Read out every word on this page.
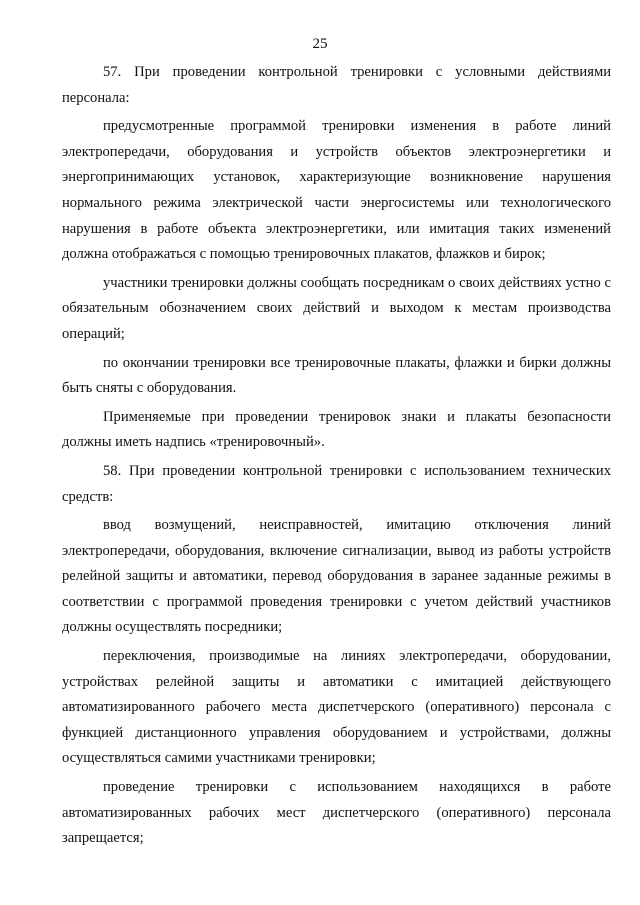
25

57. При проведении контрольной тренировки с условными действиями персонала:

предусмотренные программой тренировки изменения в работе линий электропередачи, оборудования и устройств объектов электроэнергетики и энергопринимающих установок, характеризующие возникновение нарушения нормального режима электрической части энергосистемы или технологического нарушения в работе объекта электроэнергетики, или имитация таких изменений должна отображаться с помощью тренировочных плакатов, флажков и бирок;

участники тренировки должны сообщать посредникам о своих действиях устно с обязательным обозначением своих действий и выходом к местам производства операций;

по окончании тренировки все тренировочные плакаты, флажки и бирки должны быть сняты с оборудования.

Применяемые при проведении тренировок знаки и плакаты безопасности должны иметь надпись «тренировочный».

58. При проведении контрольной тренировки с использованием технических средств:

ввод возмущений, неисправностей, имитацию отключения линий электропередачи, оборудования, включение сигнализации, вывод из работы устройств релейной защиты и автоматики, перевод оборудования в заранее заданные режимы в соответствии с программой проведения тренировки с учетом действий участников должны осуществлять посредники;

переключения, производимые на линиях электропередачи, оборудовании, устройствах релейной защиты и автоматики с имитацией действующего автоматизированного рабочего места диспетчерского (оперативного) персонала с функцией дистанционного управления оборудованием и устройствами, должны осуществляться самими участниками тренировки;

проведение тренировки с использованием находящихся в работе автоматизированных рабочих мест диспетчерского (оперативного) персонала запрещается;
